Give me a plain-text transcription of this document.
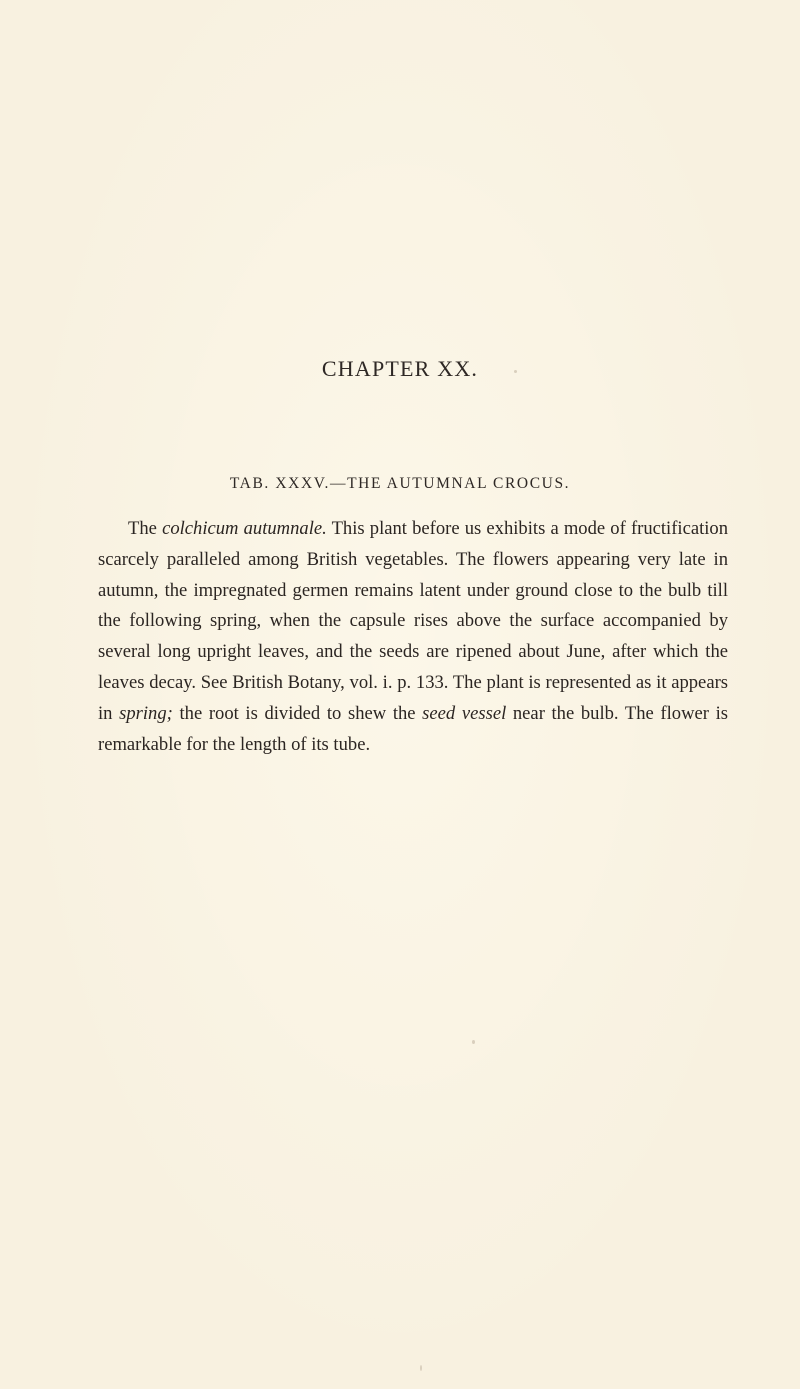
CHAPTER XX.
TAB. XXXV.—THE AUTUMNAL CROCUS.

The colchicum autumnale. This plant before us exhibits a mode of fructification scarcely paralleled among British vegetables. The flowers appearing very late in autumn, the impregnated germen remains latent under ground close to the bulb till the following spring, when the capsule rises above the surface accompanied by several long upright leaves, and the seeds are ripened about June, after which the leaves decay. See British Botany, vol. i. p. 133. The plant is represented as it appears in spring; the root is divided to shew the seed vessel near the bulb. The flower is remarkable for the length of its tube.
